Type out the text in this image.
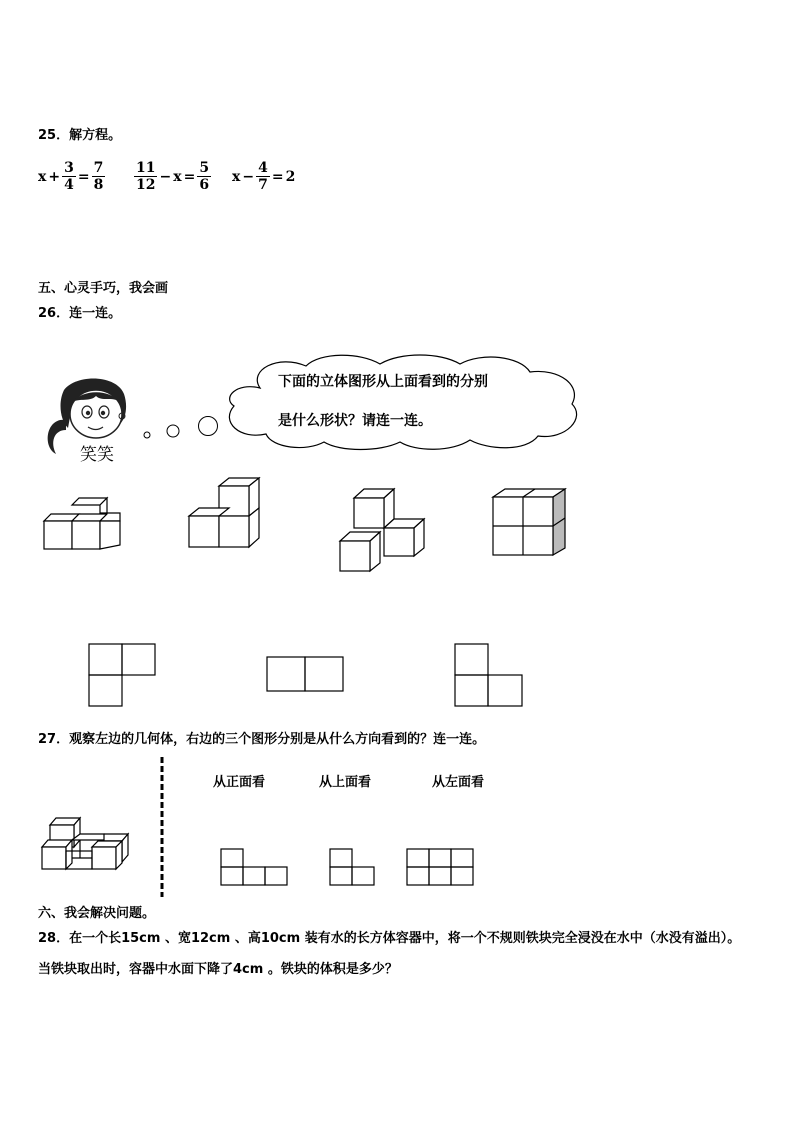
25．解方程。
$x + \frac{3}{4} = \frac{7}{8} \frac{11}{12} - x = \frac{5}{6}$ $x - \frac{4}{7} = 2$
五、心灵手巧，我会画
26．连一连。
笑笑
下面的立体图形从上面看到的分别
是什么形状？请连一连。
27．观察左边的几何体，右边的三个图形分别是从什么方向看到的？连一连。
从正面看	从上面看	从左面看
六、我会解决问题。
28．在一个长15cm 、宽12cm 、高10cm 装有水的长方体容器中，将一个不规则铁块完全浸没在水中（水没有溢出）。
当铁块取出时，容器中水面下降了4cm 。铁块的体积是多少？
